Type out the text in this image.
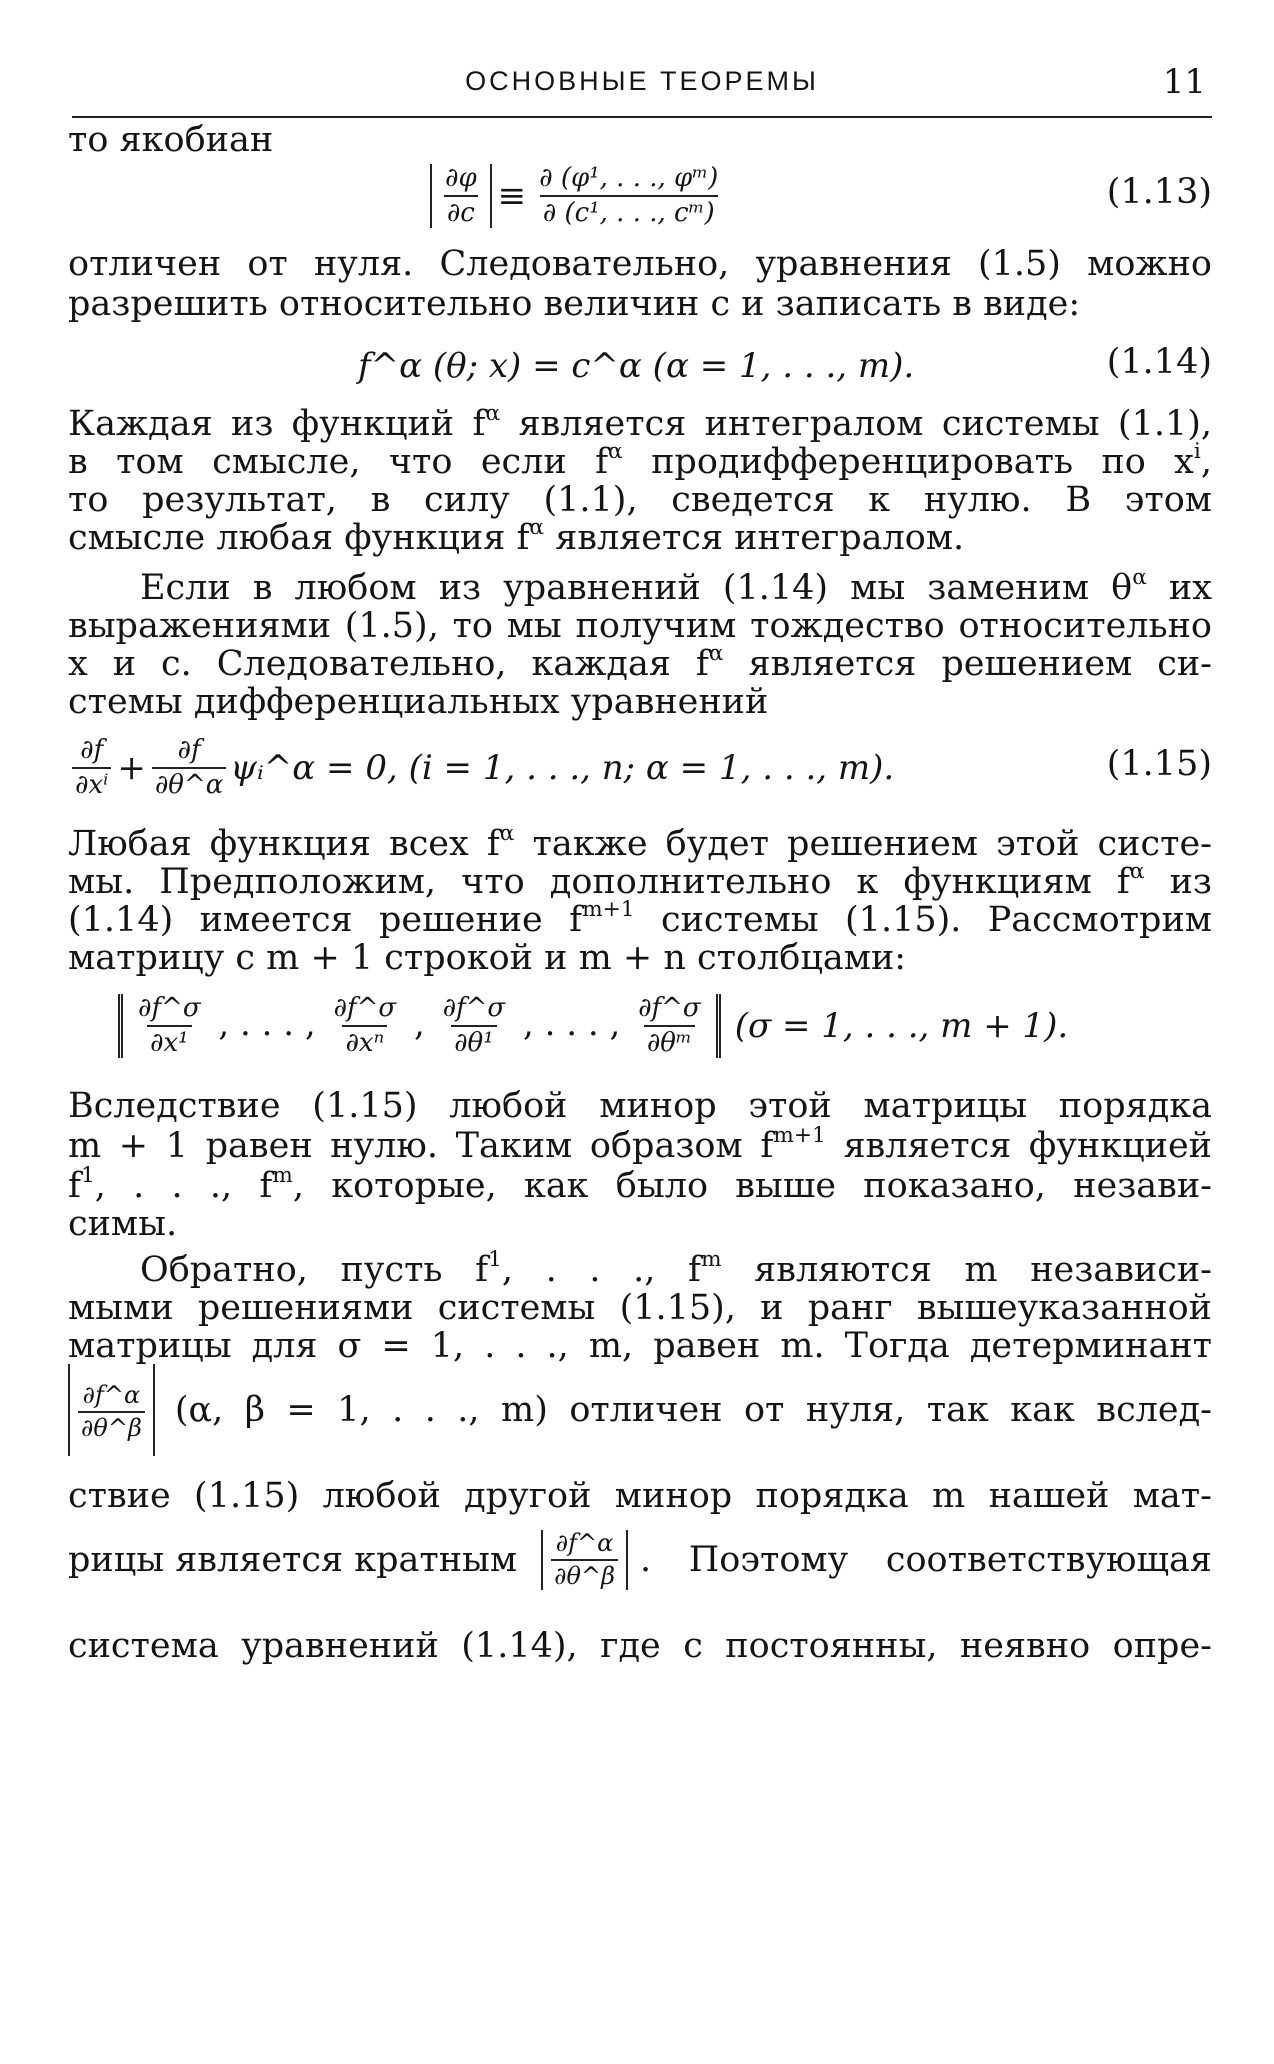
ОСНОВНЫЕ ТЕОРЕМЫ	11
то якобиан
$\frac{\partial\varphi}{\partial c} \equiv \frac{\text{∂ (φ¹, . . ., φᵐ)}}{\text{∂ (c¹, . . ., cᵐ)}}$	(1.13)
отличен от нуля. Следовательно, уравнения (1.5) можно
разрешить относительно величин c и записать в виде:
f^α (θ; x) = c^α (α = 1, . . ., m).	(1.14)
Каждая из функций $f^\alpha$ является интегралом системы (1.1),
в том смысле, что если $f^\alpha$ продифференцировать по $x^i$,
то результат, в силу (1.1), сведется к нулю. В этом
смысле любая функция $f^\alpha$ является интегралом.
Если в любом из уравнений (1.14) мы заменим $\theta^\alpha$ их
выражениями (1.5), то мы получим тождество относительно
x и c. Следовательно, каждая $f^\alpha$ является решением си-
стемы дифференциальных уравнений
$\frac{\partial f}{\text{∂xⁱ}} + \frac{\partial f}{\partial\theta\^{}\alpha}$ ψᵢ^α = 0, (i = 1, . . ., n; α = 1, . . ., m).	(1.15)
Любая функция всех $f^\alpha$ также будет решением этой систе-
мы. Предположим, что дополнительно к функциям $f^\alpha$ из
(1.14) имеется решение $f^{m+1}$ системы (1.15). Рассмотрим
матрицу с m + 1 строкой и m + n столбцами:
$\frac{\partial f\^{}\sigma}{\text{∂x¹}}$ , . . . , $\frac{\partial f\^{}\sigma}{\text{∂xⁿ}}$ , $\frac{\partial f\^{}\sigma}{\text{∂θ¹}}$ , . . . , $\frac{\partial f\^{}\sigma}{\text{∂θᵐ}} (\sigma = 1$, . . ., m + 1).
Вследствие (1.15) любой минор этой матрицы порядка
m + 1 равен нулю. Таким образом $f^{m+1}$ является функцией
$f^1$, . . ., $f^m$, которые, как было выше показано, незави-
симы.
Обратно, пусть $f^1$, . . ., $f^m$ являются m независи-
мыми решениями системы (1.15), и ранг вышеуказанной
матрицы для σ = 1, . . ., m, равен m. Тогда детерминант
$\frac{\partial f\^{}\alpha}{\partial\theta\^{}\beta} (\alpha$, β = 1, . . ., m) отличен от нуля, так как вслед-
ствие (1.15) любой другой минор порядка m нашей мат-
рицы является кратным $\frac{\partial f\^{}\alpha}{\partial\theta\^{}\beta}$ . Поэтому соответствующая
система уравнений (1.14), где c постоянны, неявно опре-
